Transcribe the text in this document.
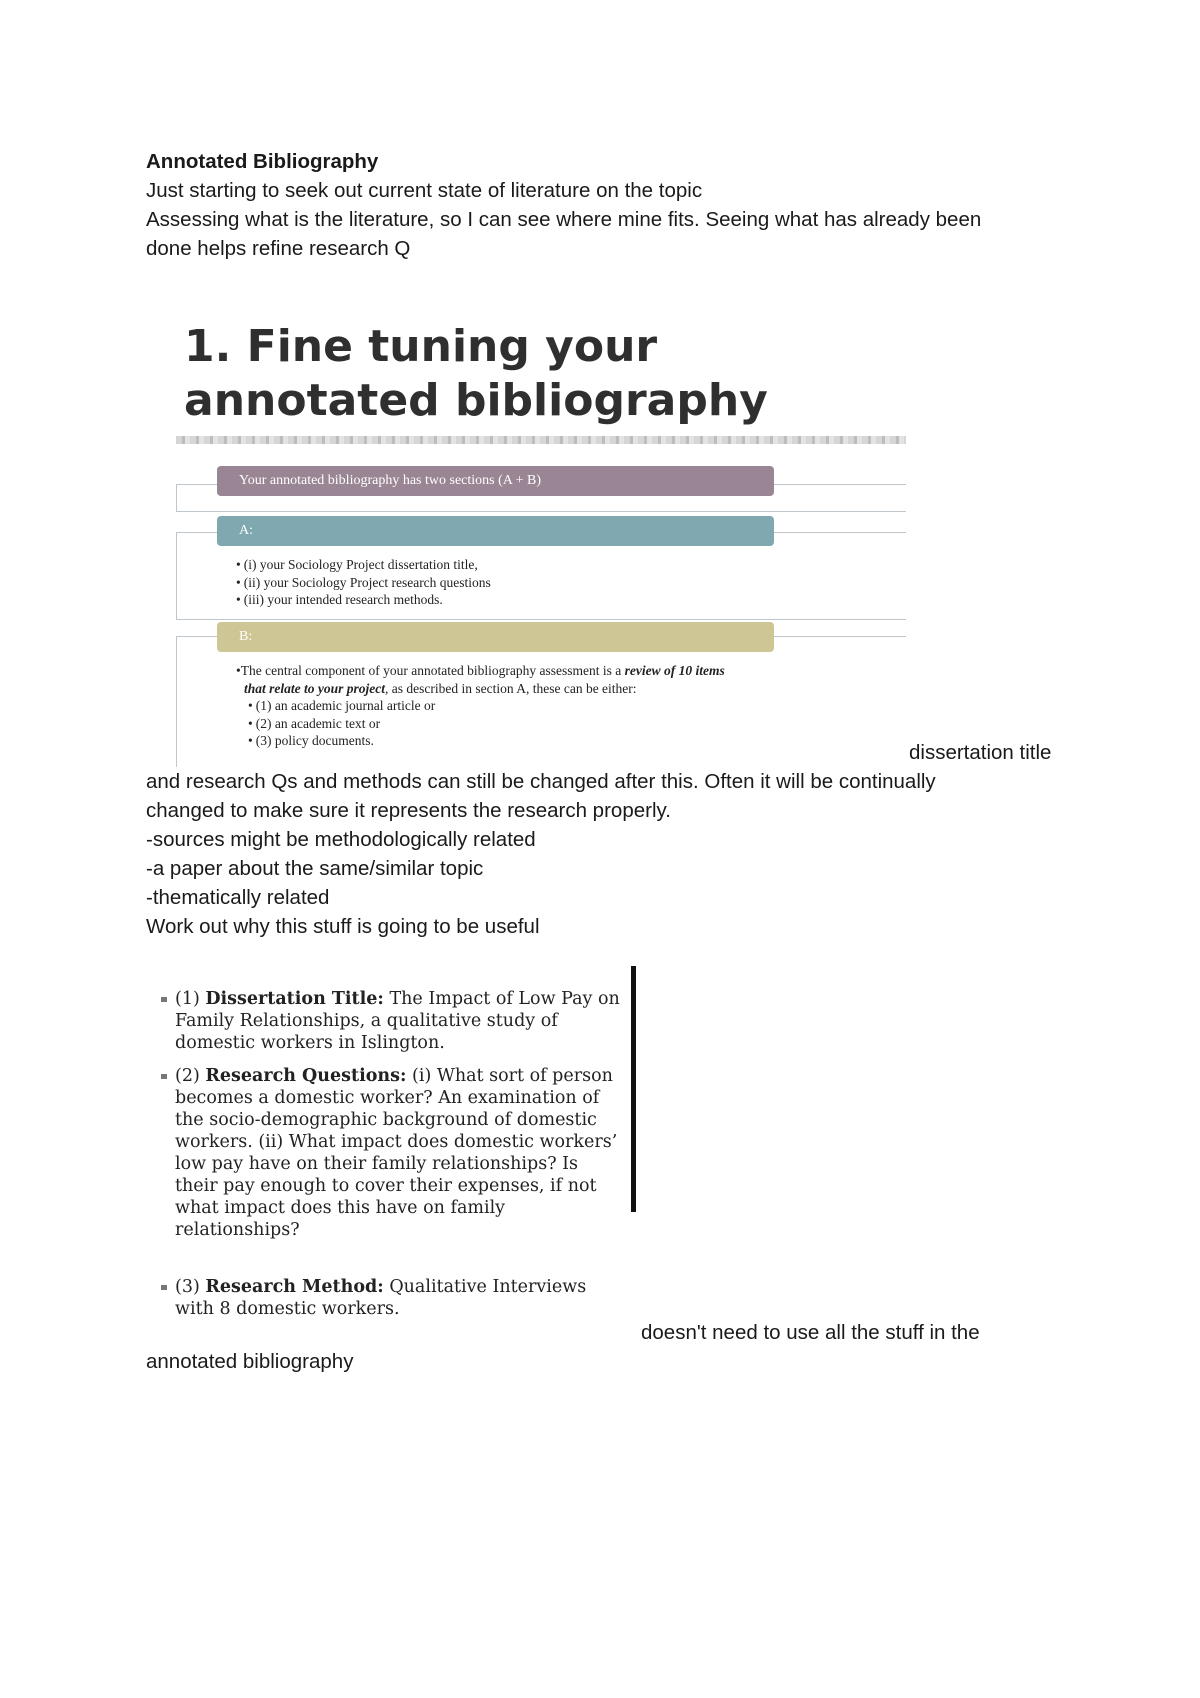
Annotated Bibliography
Just starting to seek out current state of literature on the topic
Assessing what is the literature, so I can see where mine fits. Seeing what has already been
done helps refine research Q
1. Fine tuning your annotated bibliography
Your annotated bibliography has two sections (A + B)
A:
• (i) your Sociology Project dissertation title,
• (ii) your Sociology Project research questions
• (iii) your intended research methods.
B:
•The central component of your annotated bibliography assessment is a review of 10 items
that relate to your project, as described in section A, these can be either:
• (1) an academic journal article or
• (2) an academic text or
• (3) policy documents.
dissertation title
and research Qs and methods can still be changed after this. Often it will be continually
changed to make sure it represents the research properly.
-sources might be methodologically related
-a paper about the same/similar topic
-thematically related
Work out why this stuff is going to be useful
(1) Dissertation Title: The Impact of Low Pay on Family Relationships, a qualitative study of domestic workers in Islington.
(2) Research Questions: (i) What sort of person becomes a domestic worker? An examination of the socio-demographic background of domestic workers. (ii) What impact does domestic workers’ low pay have on their family relationships? Is their pay enough to cover their expenses, if not what impact does this have on family relationships?
(3) Research Method: Qualitative Interviews with 8 domestic workers.
doesn't need to use all the stuff in the
annotated bibliography
